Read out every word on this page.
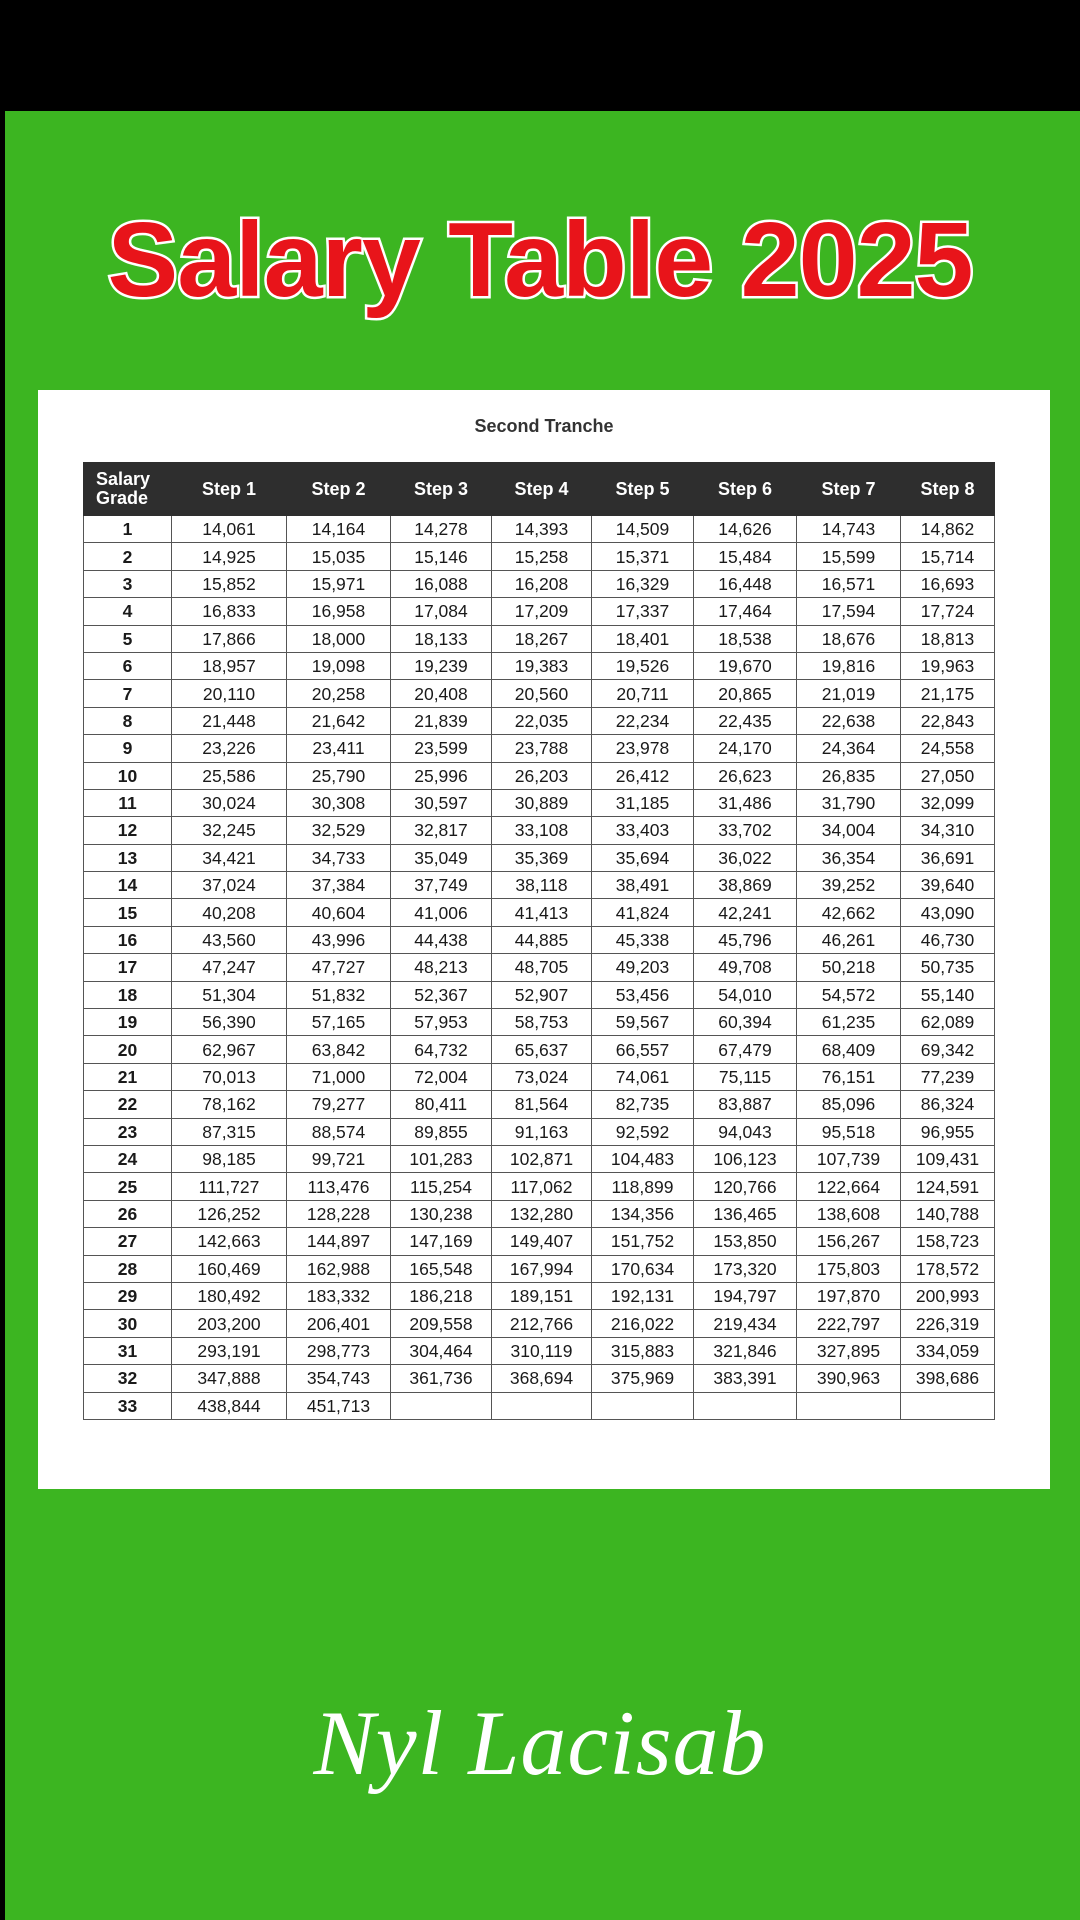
Salary Table 2025
Second Tranche
Salary Grade	Step 1	Step 2	Step 3	Step 4	Step 5	Step 6	Step 7	Step 8
1	14,061	14,164	14,278	14,393	14,509	14,626	14,743	14,862
2	14,925	15,035	15,146	15,258	15,371	15,484	15,599	15,714
3	15,852	15,971	16,088	16,208	16,329	16,448	16,571	16,693
4	16,833	16,958	17,084	17,209	17,337	17,464	17,594	17,724
5	17,866	18,000	18,133	18,267	18,401	18,538	18,676	18,813
6	18,957	19,098	19,239	19,383	19,526	19,670	19,816	19,963
7	20,110	20,258	20,408	20,560	20,711	20,865	21,019	21,175
8	21,448	21,642	21,839	22,035	22,234	22,435	22,638	22,843
9	23,226	23,411	23,599	23,788	23,978	24,170	24,364	24,558
10	25,586	25,790	25,996	26,203	26,412	26,623	26,835	27,050
11	30,024	30,308	30,597	30,889	31,185	31,486	31,790	32,099
12	32,245	32,529	32,817	33,108	33,403	33,702	34,004	34,310
13	34,421	34,733	35,049	35,369	35,694	36,022	36,354	36,691
14	37,024	37,384	37,749	38,118	38,491	38,869	39,252	39,640
15	40,208	40,604	41,006	41,413	41,824	42,241	42,662	43,090
16	43,560	43,996	44,438	44,885	45,338	45,796	46,261	46,730
17	47,247	47,727	48,213	48,705	49,203	49,708	50,218	50,735
18	51,304	51,832	52,367	52,907	53,456	54,010	54,572	55,140
19	56,390	57,165	57,953	58,753	59,567	60,394	61,235	62,089
20	62,967	63,842	64,732	65,637	66,557	67,479	68,409	69,342
21	70,013	71,000	72,004	73,024	74,061	75,115	76,151	77,239
22	78,162	79,277	80,411	81,564	82,735	83,887	85,096	86,324
23	87,315	88,574	89,855	91,163	92,592	94,043	95,518	96,955
24	98,185	99,721	101,283	102,871	104,483	106,123	107,739	109,431
25	111,727	113,476	115,254	117,062	118,899	120,766	122,664	124,591
26	126,252	128,228	130,238	132,280	134,356	136,465	138,608	140,788
27	142,663	144,897	147,169	149,407	151,752	153,850	156,267	158,723
28	160,469	162,988	165,548	167,994	170,634	173,320	175,803	178,572
29	180,492	183,332	186,218	189,151	192,131	194,797	197,870	200,993
30	203,200	206,401	209,558	212,766	216,022	219,434	222,797	226,319
31	293,191	298,773	304,464	310,119	315,883	321,846	327,895	334,059
32	347,888	354,743	361,736	368,694	375,969	383,391	390,963	398,686
33	438,844	451,713						
Nyl Lacisab
